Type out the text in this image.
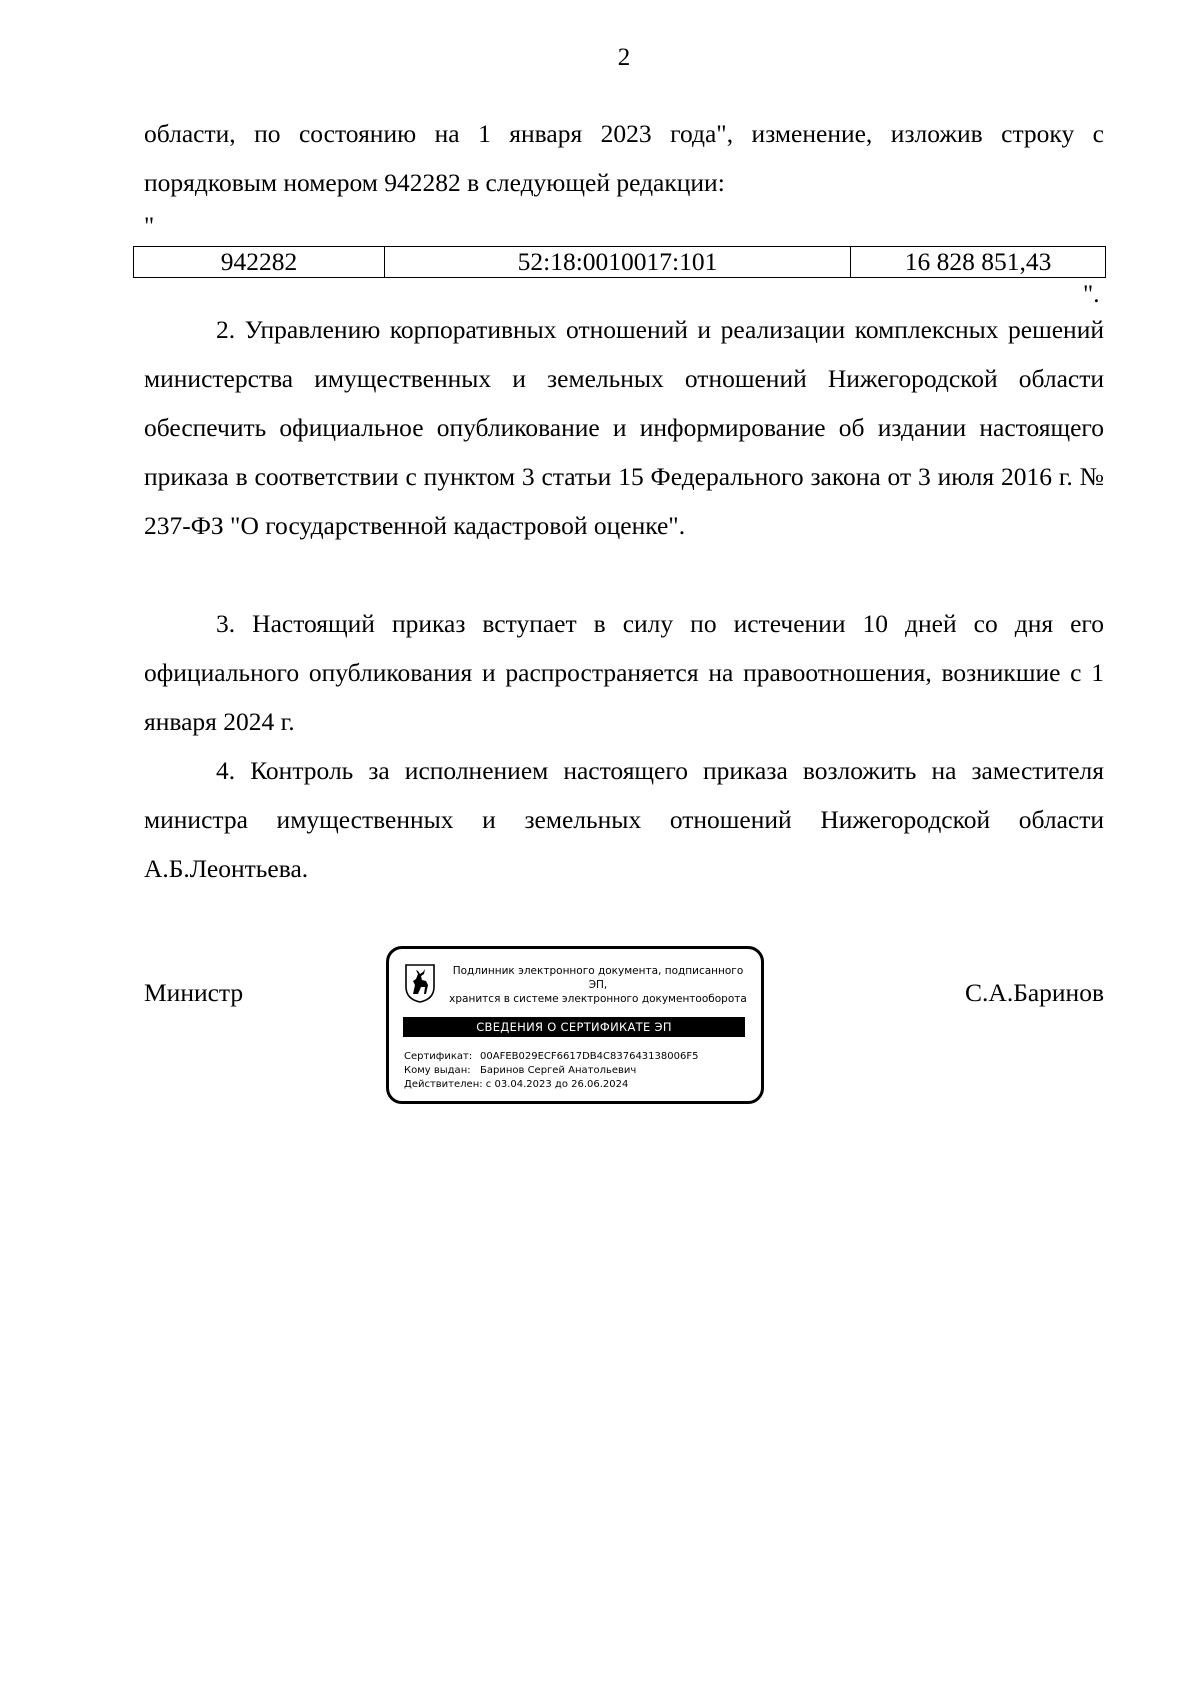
2

области, по состоянию на 1 января 2023 года", изменение, изложив строку с порядковым номером 942282 в следующей редакции:

"
942282	52:18:0010017:101	16 828 851,43
".

2. Управлению корпоративных отношений и реализации комплексных решений министерства имущественных и земельных отношений Нижегородской области обеспечить официальное опубликование и информирование об издании настоящего приказа в соответствии с пунктом 3 статьи 15 Федерального закона от 3 июля 2016 г. № 237-ФЗ "О государственной кадастровой оценке".

3. Настоящий приказ вступает в силу по истечении 10 дней со дня его официального опубликования и распространяется на правоотношения, возникшие с 1 января 2024 г.

4. Контроль за исполнением настоящего приказа возложить на заместителя министра имущественных и земельных отношений Нижегородской области А.Б.Леонтьева.

Министр
Подлинник электронного документа, подписанного ЭП,
хранится в системе электронного документооборота
СВЕДЕНИЯ О СЕРТИФИКАТЕ ЭП
Сертификат: 00AFEB029ECF6617DB4C837643138006F5
Кому выдан: Баринов Сергей Анатольевич
Действителен: с 03.04.2023 до 26.06.2024
С.А.Баринов
